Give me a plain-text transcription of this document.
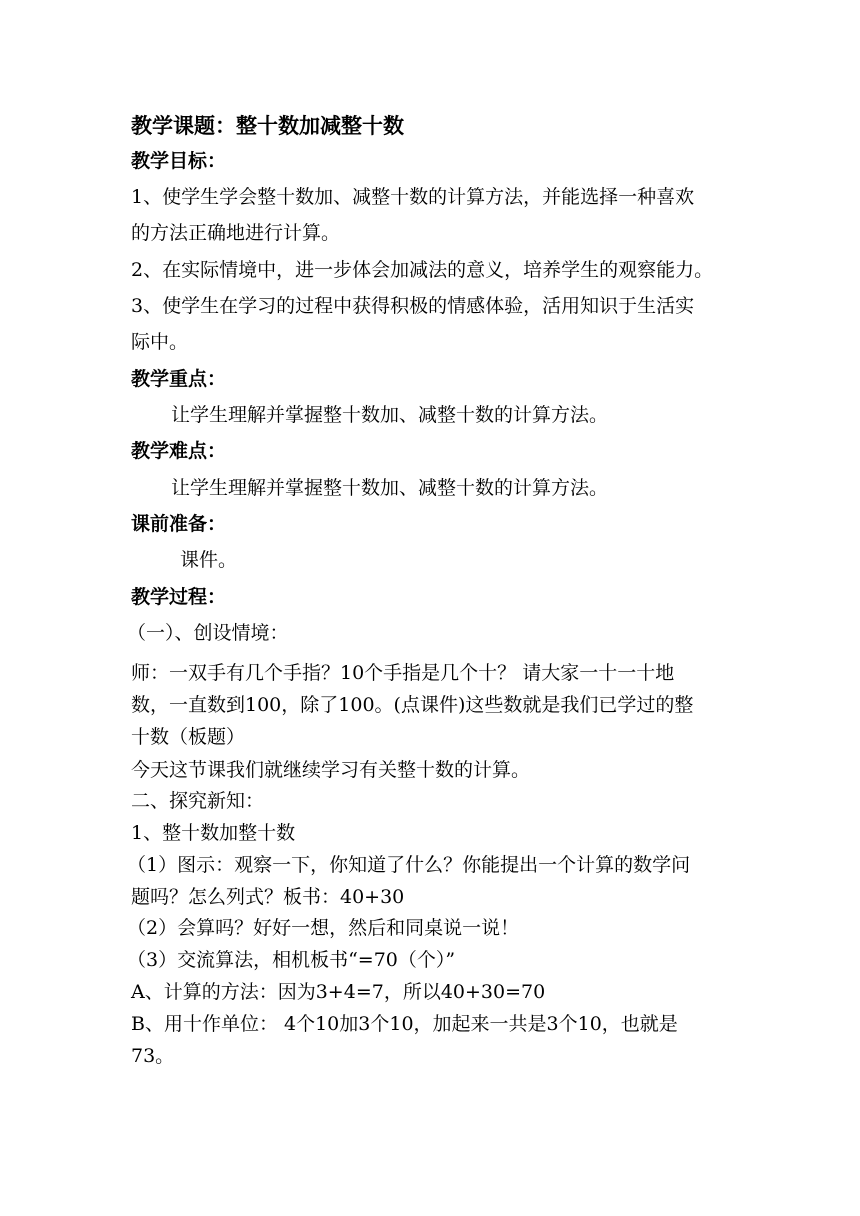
教学课题：整十数加减整十数
教学目标：
1、使学生学会整十数加、减整十数的计算方法，并能选择一种喜欢
的方法正确地进行计算。
2、在实际情境中，进一步体会加减法的意义，培养学生的观察能力。
3、使学生在学习的过程中获得积极的情感体验，活用知识于生活实
际中。
教学重点：
让学生理解并掌握整十数加、减整十数的计算方法。
教学难点：
让学生理解并掌握整十数加、减整十数的计算方法。
课前准备：
课件。
教学过程：
（一）、创设情境：
师：一双手有几个手指？10个手指是几个十？ 请大家一十一十地
数，一直数到100，除了100。(点课件)这些数就是我们已学过的整
十数（板题）
今天这节课我们就继续学习有关整十数的计算。
二、探究新知：
1、整十数加整十数
（1）图示：观察一下，你知道了什么？你能提出一个计算的数学问
题吗？怎么列式？板书：40+30
（2）会算吗？好好一想，然后和同桌说一说！
（3）交流算法，相机板书“=70（个）”
A、计算的方法：因为3+4=7，所以40+30=70
B、用十作单位： 4个10加3个10，加起来一共是3个10，也就是
73。
